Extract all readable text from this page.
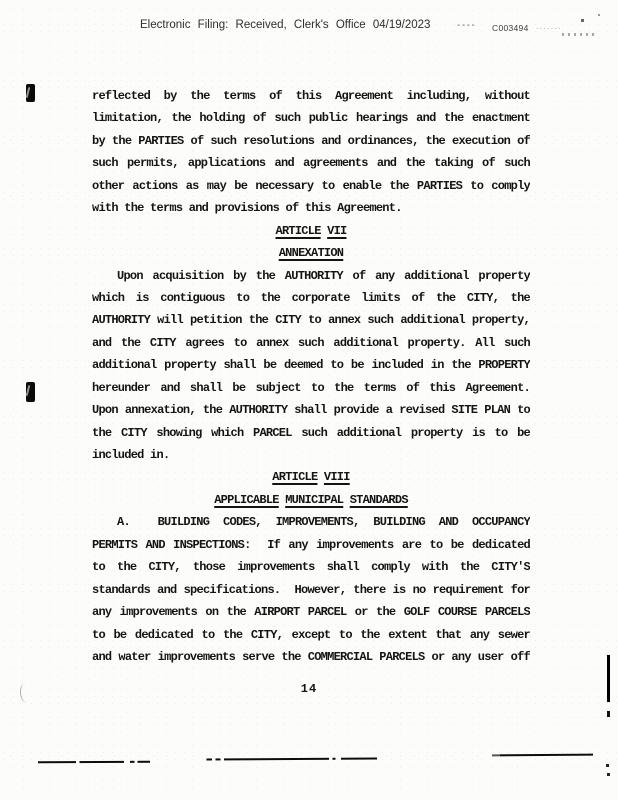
Electronic Filing: Received, Clerk's Office 04/19/2023	---- C003494 ·······
reflected by the terms of this Agreement including, without
limitation, the holding of such public hearings and the enactment
by the PARTIES of such resolutions and ordinances, the execution of
such permits, applications and agreements and the taking of such
other actions as may be necessary to enable the PARTIES to comply
with the terms and provisions of this Agreement.
ARTICLE VII
ANNEXATION
Upon acquisition by the AUTHORITY of any additional property
which is contiguous to the corporate limits of the CITY, the
AUTHORITY will petition the CITY to annex such additional property,
and the CITY agrees to annex such additional property. All such
additional property shall be deemed to be included in the PROPERTY
hereunder and shall be subject to the terms of this Agreement.
Upon annexation, the AUTHORITY shall provide a revised SITE PLAN to
the CITY showing which PARCEL such additional property is to be
included in.
ARTICLE VIII
APPLICABLE MUNICIPAL STANDARDS
A.  BUILDING CODES, IMPROVEMENTS, BUILDING AND OCCUPANCY
PERMITS AND INSPECTIONS:  If any improvements are to be dedicated
to the CITY, those improvements shall comply with the CITY'S
standards and specifications.  However, there is no requirement for
any improvements on the AIRPORT PARCEL or the GOLF COURSE PARCELS
to be dedicated to the CITY, except to the extent that any sewer
and water improvements serve the COMMERCIAL PARCELS or any user off
14
